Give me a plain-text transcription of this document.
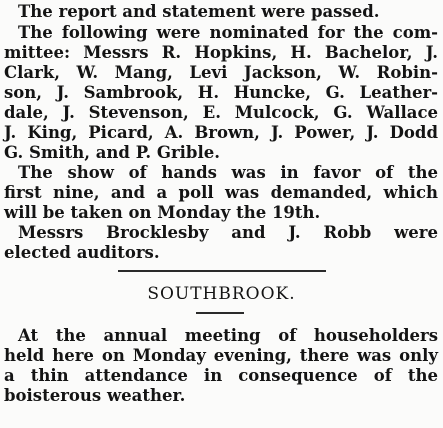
The report and statement were passed.
The following were nominated for the com-
mittee: Messrs R. Hopkins, H. Bachelor, J.
Clark, W. Mang, Levi Jackson, W. Robin-
son, J. Sambrook, H. Huncke, G. Leather-
dale, J. Stevenson, E. Mulcock, G. Wallace
J. King, Picard, A. Brown, J. Power, J. Dodd
G. Smith, and P. Grible.
The show of hands was in favor of the
first nine, and a poll was demanded, which
will be taken on Monday the 19th.
Messrs Brocklesby and J. Robb were
elected auditors.
SOUTHBROOK.
At the annual meeting of householders
held here on Monday evening, there was only
a thin attendance in consequence of the
boisterous weather.
